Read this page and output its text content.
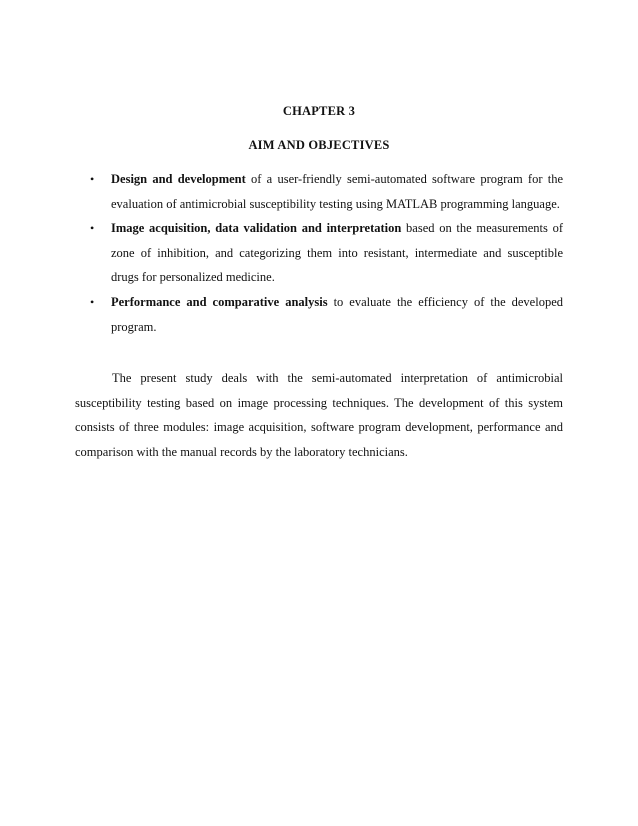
CHAPTER 3
AIM AND OBJECTIVES
• Design and development of a user-friendly semi-automated software program for the evaluation of antimicrobial susceptibility testing using MATLAB programming language.
• Image acquisition, data validation and interpretation based on the measurements of zone of inhibition, and categorizing them into resistant, intermediate and susceptible drugs for personalized medicine.
• Performance and comparative analysis to evaluate the efficiency of the developed program.

The present study deals with the semi-automated interpretation of antimicrobial susceptibility testing based on image processing techniques. The development of this system consists of three modules: image acquisition, software program development, performance and comparison with the manual records by the laboratory technicians.
